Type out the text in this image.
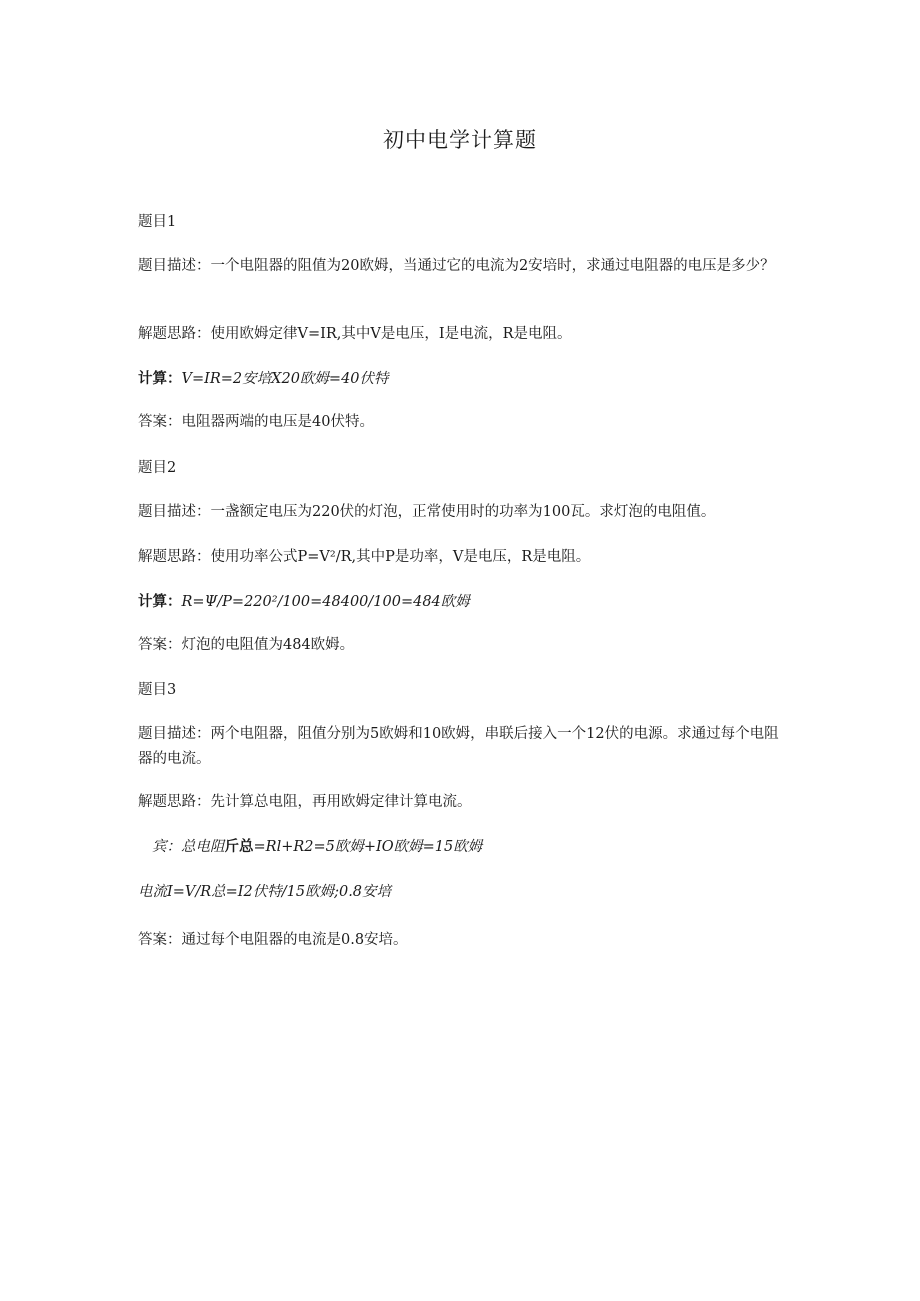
初中电学计算题
题目1
题目描述：一个电阻器的阻值为20欧姆，当通过它的电流为2安培时，求通过电阻器的电压是多少？
解题思路：使用欧姆定律V=IR,其中V是电压，I是电流，R是电阻。
计算：V=IR=2安培X20欧姆=40伏特
答案：电阻器两端的电压是40伏特。
题目2
题目描述：一盏额定电压为220伏的灯泡，正常使用时的功率为100瓦。求灯泡的电阻值。
解题思路：使用功率公式P=V²/R,其中P是功率，V是电压，R是电阻。
计算：R=Ψ/P=220²/100=48400/100=484欧姆
答案：灯泡的电阻值为484欧姆。
题目3
题目描述：两个电阻器，阻值分别为5欧姆和10欧姆，串联后接入一个12伏的电源。求通过每个电阻器的电流。
解题思路：先计算总电阻，再用欧姆定律计算电流。
宾：总电阻斤总=Rl+R2=5欧姆+IO欧姆=15欧姆
电流I=V/R总=I2伏特/15欧姆;0.8安培
答案：通过每个电阻器的电流是0.8安培。
